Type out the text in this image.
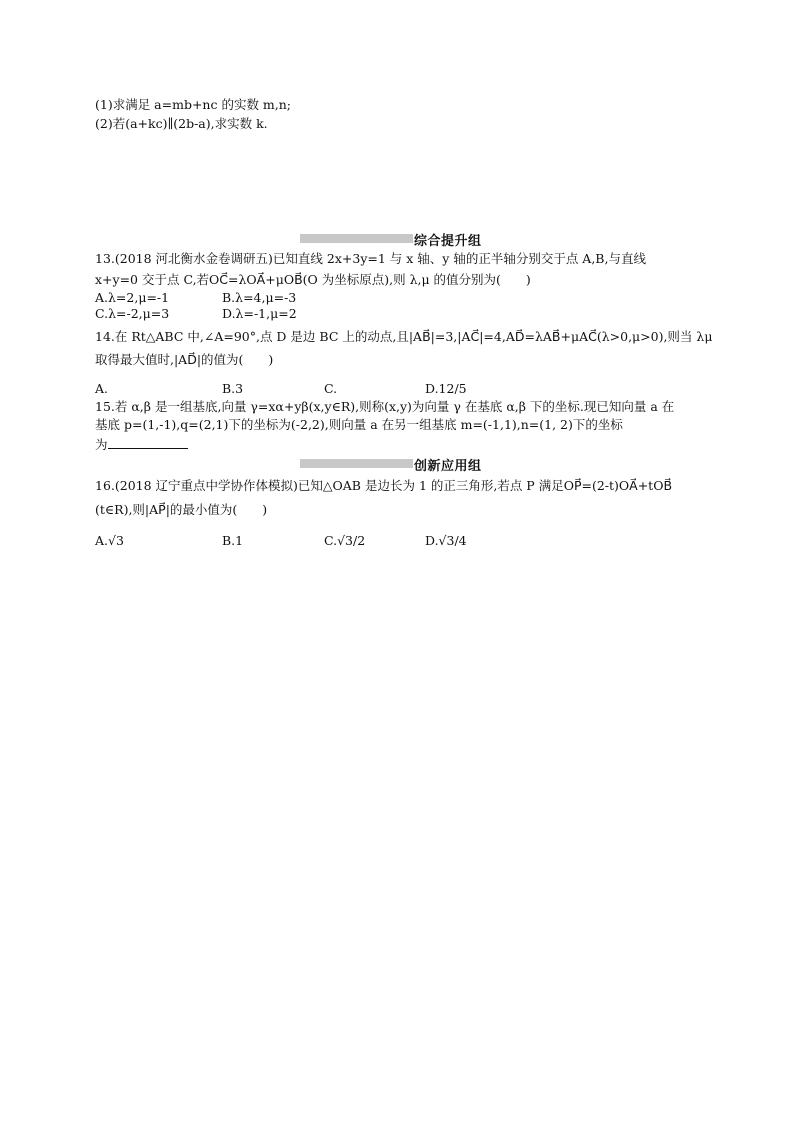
(1)求满足 a=mb+nc 的实数 m,n;
(2)若(a+kc)∥(2b-a),求实数 k.
综合提升组
13.(2018 河北衡水金卷调研五)已知直线 2x+3y=1 与 x 轴、y 轴的正半轴分别交于点 A,B,与直线
x+y=0 交于点 C,若OC⃗=λOA⃗+μOB⃗(O 为坐标原点),则 λ,μ 的值分别为(　　)
A.λ=2,μ=-1	B.λ=4,μ=-3
C.λ=-2,μ=3	D.λ=-1,μ=2
14.在 Rt△ABC 中,∠A=90°,点 D 是边 BC 上的动点,且|AB⃗|=3,|AC⃗|=4,AD⃗=λAB⃗+μAC⃗(λ>0,μ>0),则当 λμ
取得最大值时,|AD⃗|的值为(　　)
A.	B.3	C.	D.12/5
15.若 α,β 是一组基底,向量 γ=xα+yβ(x,y∈R),则称(x,y)为向量 γ 在基底 α,β 下的坐标.现已知向量 a 在
基底 p=(1,-1),q=(2,1)下的坐标为(-2,2),则向量 a 在另一组基底 m=(-1,1),n=(1, 2)下的坐标
为
创新应用组
16.(2018 辽宁重点中学协作体模拟)已知△OAB 是边长为 1 的正三角形,若点 P 满足OP⃗=(2-t)OA⃗+tOB⃗
(t∈R),则|AP⃗|的最小值为(　　)
A.√3	B.1	C.√3/2	D.√3/4
